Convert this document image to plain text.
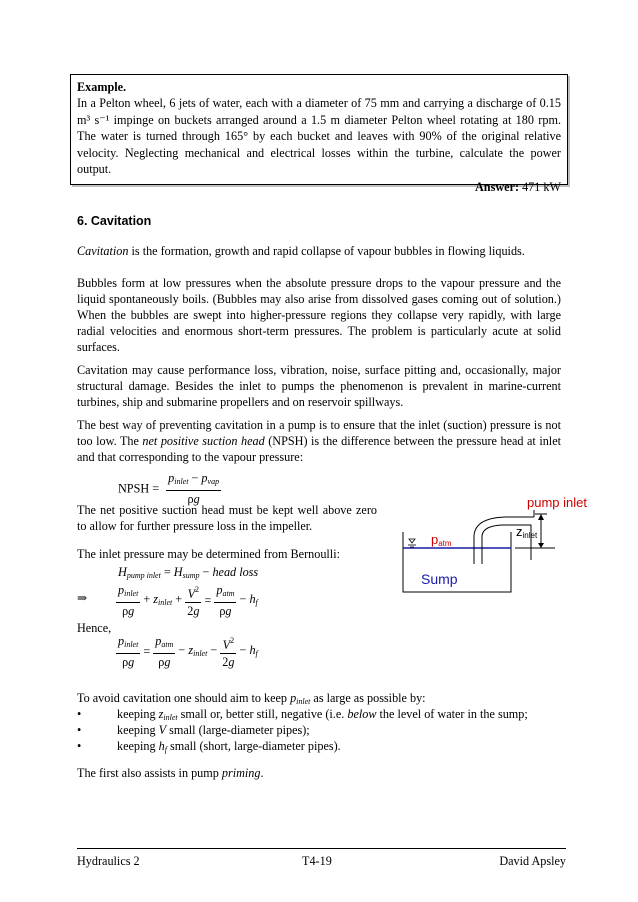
Example.
In a Pelton wheel, 6 jets of water, each with a diameter of 75 mm and carrying a discharge of 0.15 m³ s⁻¹ impinge on buckets arranged around a 1.5 m diameter Pelton wheel rotating at 180 rpm. The water is turned through 165° by each bucket and leaves with 90% of the original relative velocity. Neglecting mechanical and electrical losses within the turbine, calculate the power output.
Answer: 471 kW
6. Cavitation
Cavitation is the formation, growth and rapid collapse of vapour bubbles in flowing liquids.
Bubbles form at low pressures when the absolute pressure drops to the vapour pressure and the liquid spontaneously boils. (Bubbles may also arise from dissolved gases coming out of solution.) When the bubbles are swept into higher-pressure regions they collapse very rapidly, with large radial velocities and enormous short-term pressures. The problem is particularly acute at solid surfaces.
Cavitation may cause performance loss, vibration, noise, surface pitting and, occasionally, major structural damage. Besides the inlet to pumps the phenomenon is prevalent in marine-current turbines, ship and submarine propellers and on reservoir spillways.
The best way of preventing cavitation in a pump is to ensure that the inlet (suction) pressure is not too low. The net positive suction head (NPSH) is the difference between the pressure head at inlet and that corresponding to the vapour pressure:
NPSH = $\frac{p_{inlet} - p_{vap}}{\rho g}$
The net positive suction head must be kept well above zero to allow for further pressure loss in the impeller.
The inlet pressure may be determined from Bernoulli:
$H_{pump inlet} = H_{sump}$ − head loss
⇒ $\frac{p_{inlet}}{\rho g} + z_{inlet} + \frac{V^2}{2g} = \frac{p_{atm}}{\rho g} - h_f$
Hence,
$\frac{p_{inlet}}{\rho g} = \frac{p_{atm}}{\rho g} - z_{inlet} - \frac{V^2}{2g} - h_f$
pump inlet
zinlet
patm
Sump
To avoid cavitation one should aim to keep $p_{inlet}$ as large as possible by:
•	keeping $z_{inlet}$ small or, better still, negative (i.e. below the level of water in the sump;
•	keeping V small (large-diameter pipes);
•	keeping $h_f$ small (short, large-diameter pipes).
The first also assists in pump priming.
Hydraulics 2	T4-19	David Apsley
